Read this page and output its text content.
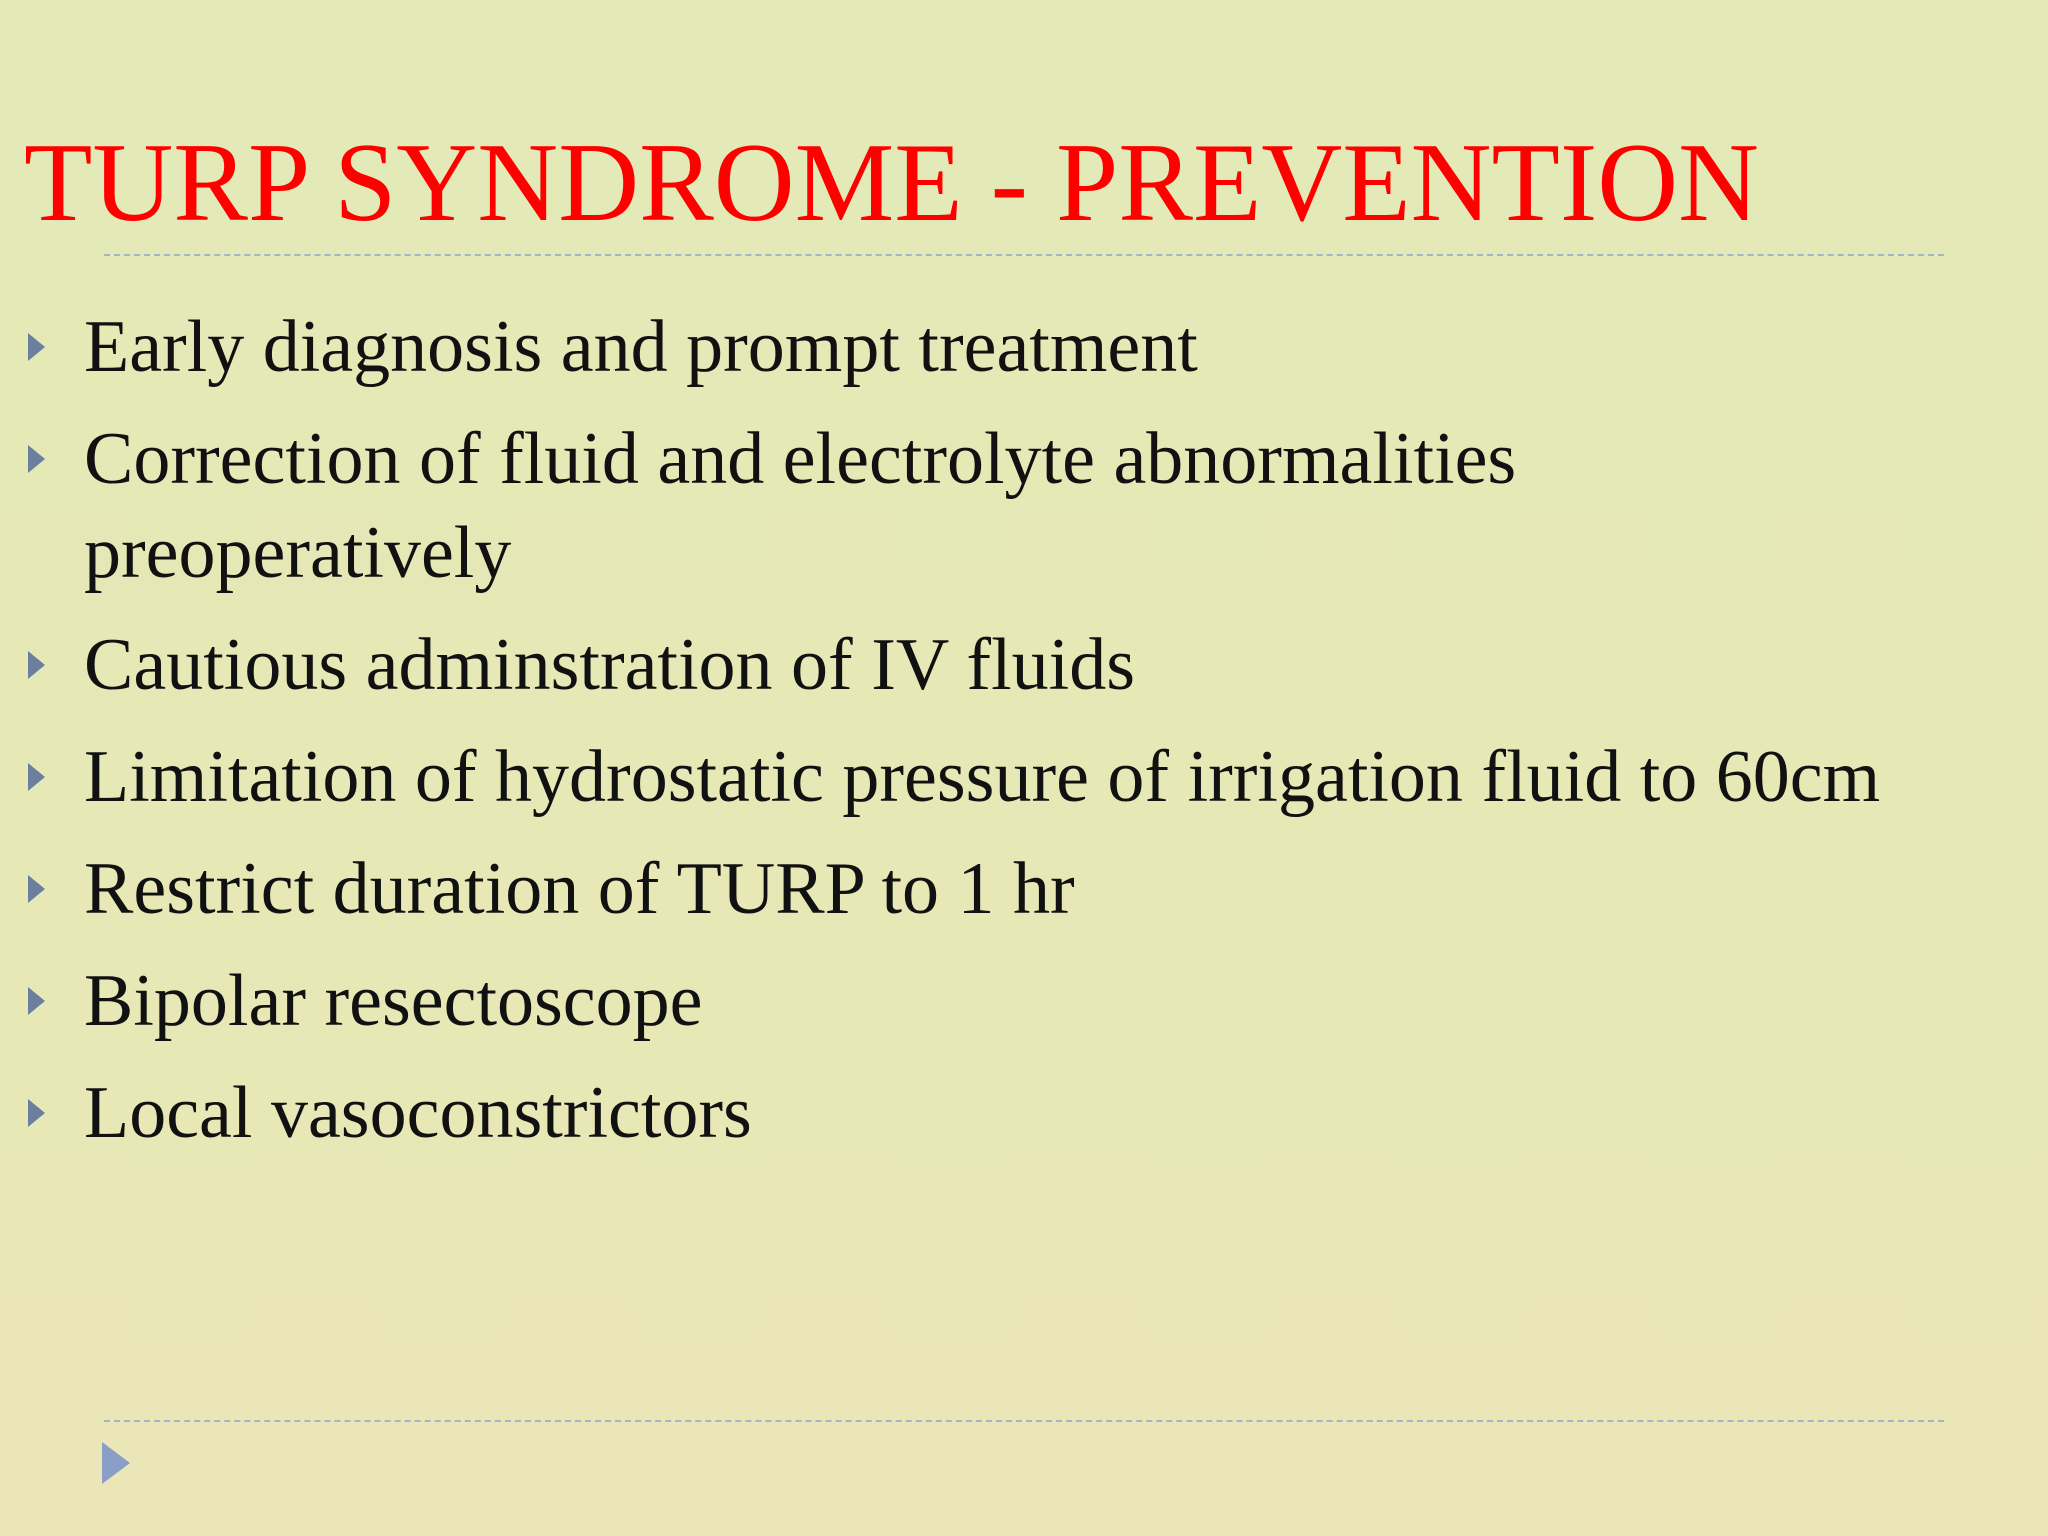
TURP SYNDROME - PREVENTION
Early diagnosis and prompt treatment
Correction of fluid and electrolyte abnormalities preoperatively
Cautious adminstration of IV fluids
Limitation of hydrostatic pressure of irrigation fluid to 60cm
Restrict duration of TURP to 1 hr
Bipolar resectoscope
Local vasoconstrictors
